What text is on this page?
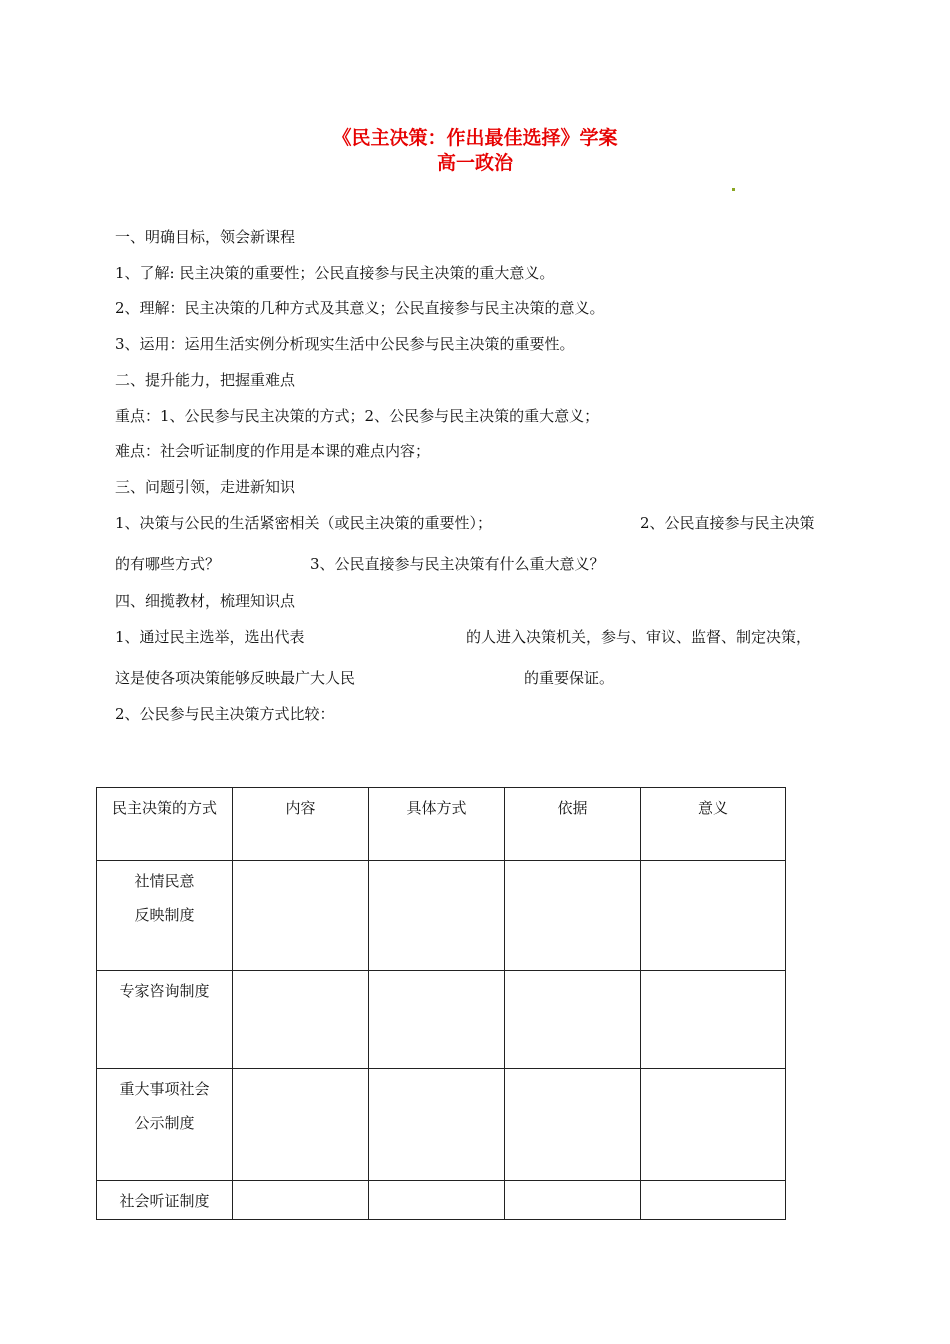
《民主决策：作出最佳选择》学案
高一政治
一、明确目标，领会新课程
1、了解: 民主决策的重要性；公民直接参与民主决策的重大意义。
2、理解：民主决策的几种方式及其意义；公民直接参与民主决策的意义。
3、运用：运用生活实例分析现实生活中公民参与民主决策的重要性。
二、提升能力，把握重难点
重点：1、公民参与民主决策的方式；2、公民参与民主决策的重大意义；
难点：社会听证制度的作用是本课的难点内容；
三、问题引领，走进新知识
1、决策与公民的生活紧密相关（或民主决策的重要性）；	2、公民直接参与民主决策
的有哪些方式？	3、公民直接参与民主决策有什么重大意义？
四、细揽教材，梳理知识点
1、通过民主选举，选出代表	的人进入决策机关，参与、审议、监督、制定决策，
这是使各项决策能够反映最广大人民	的重要保证。
2、公民参与民主决策方式比较：
民主决策的方式	内容	具体方式	依据	意义

社情民意
反映制度				

专家咨询制度				

重大事项社会
公示制度				

社会听证制度				
